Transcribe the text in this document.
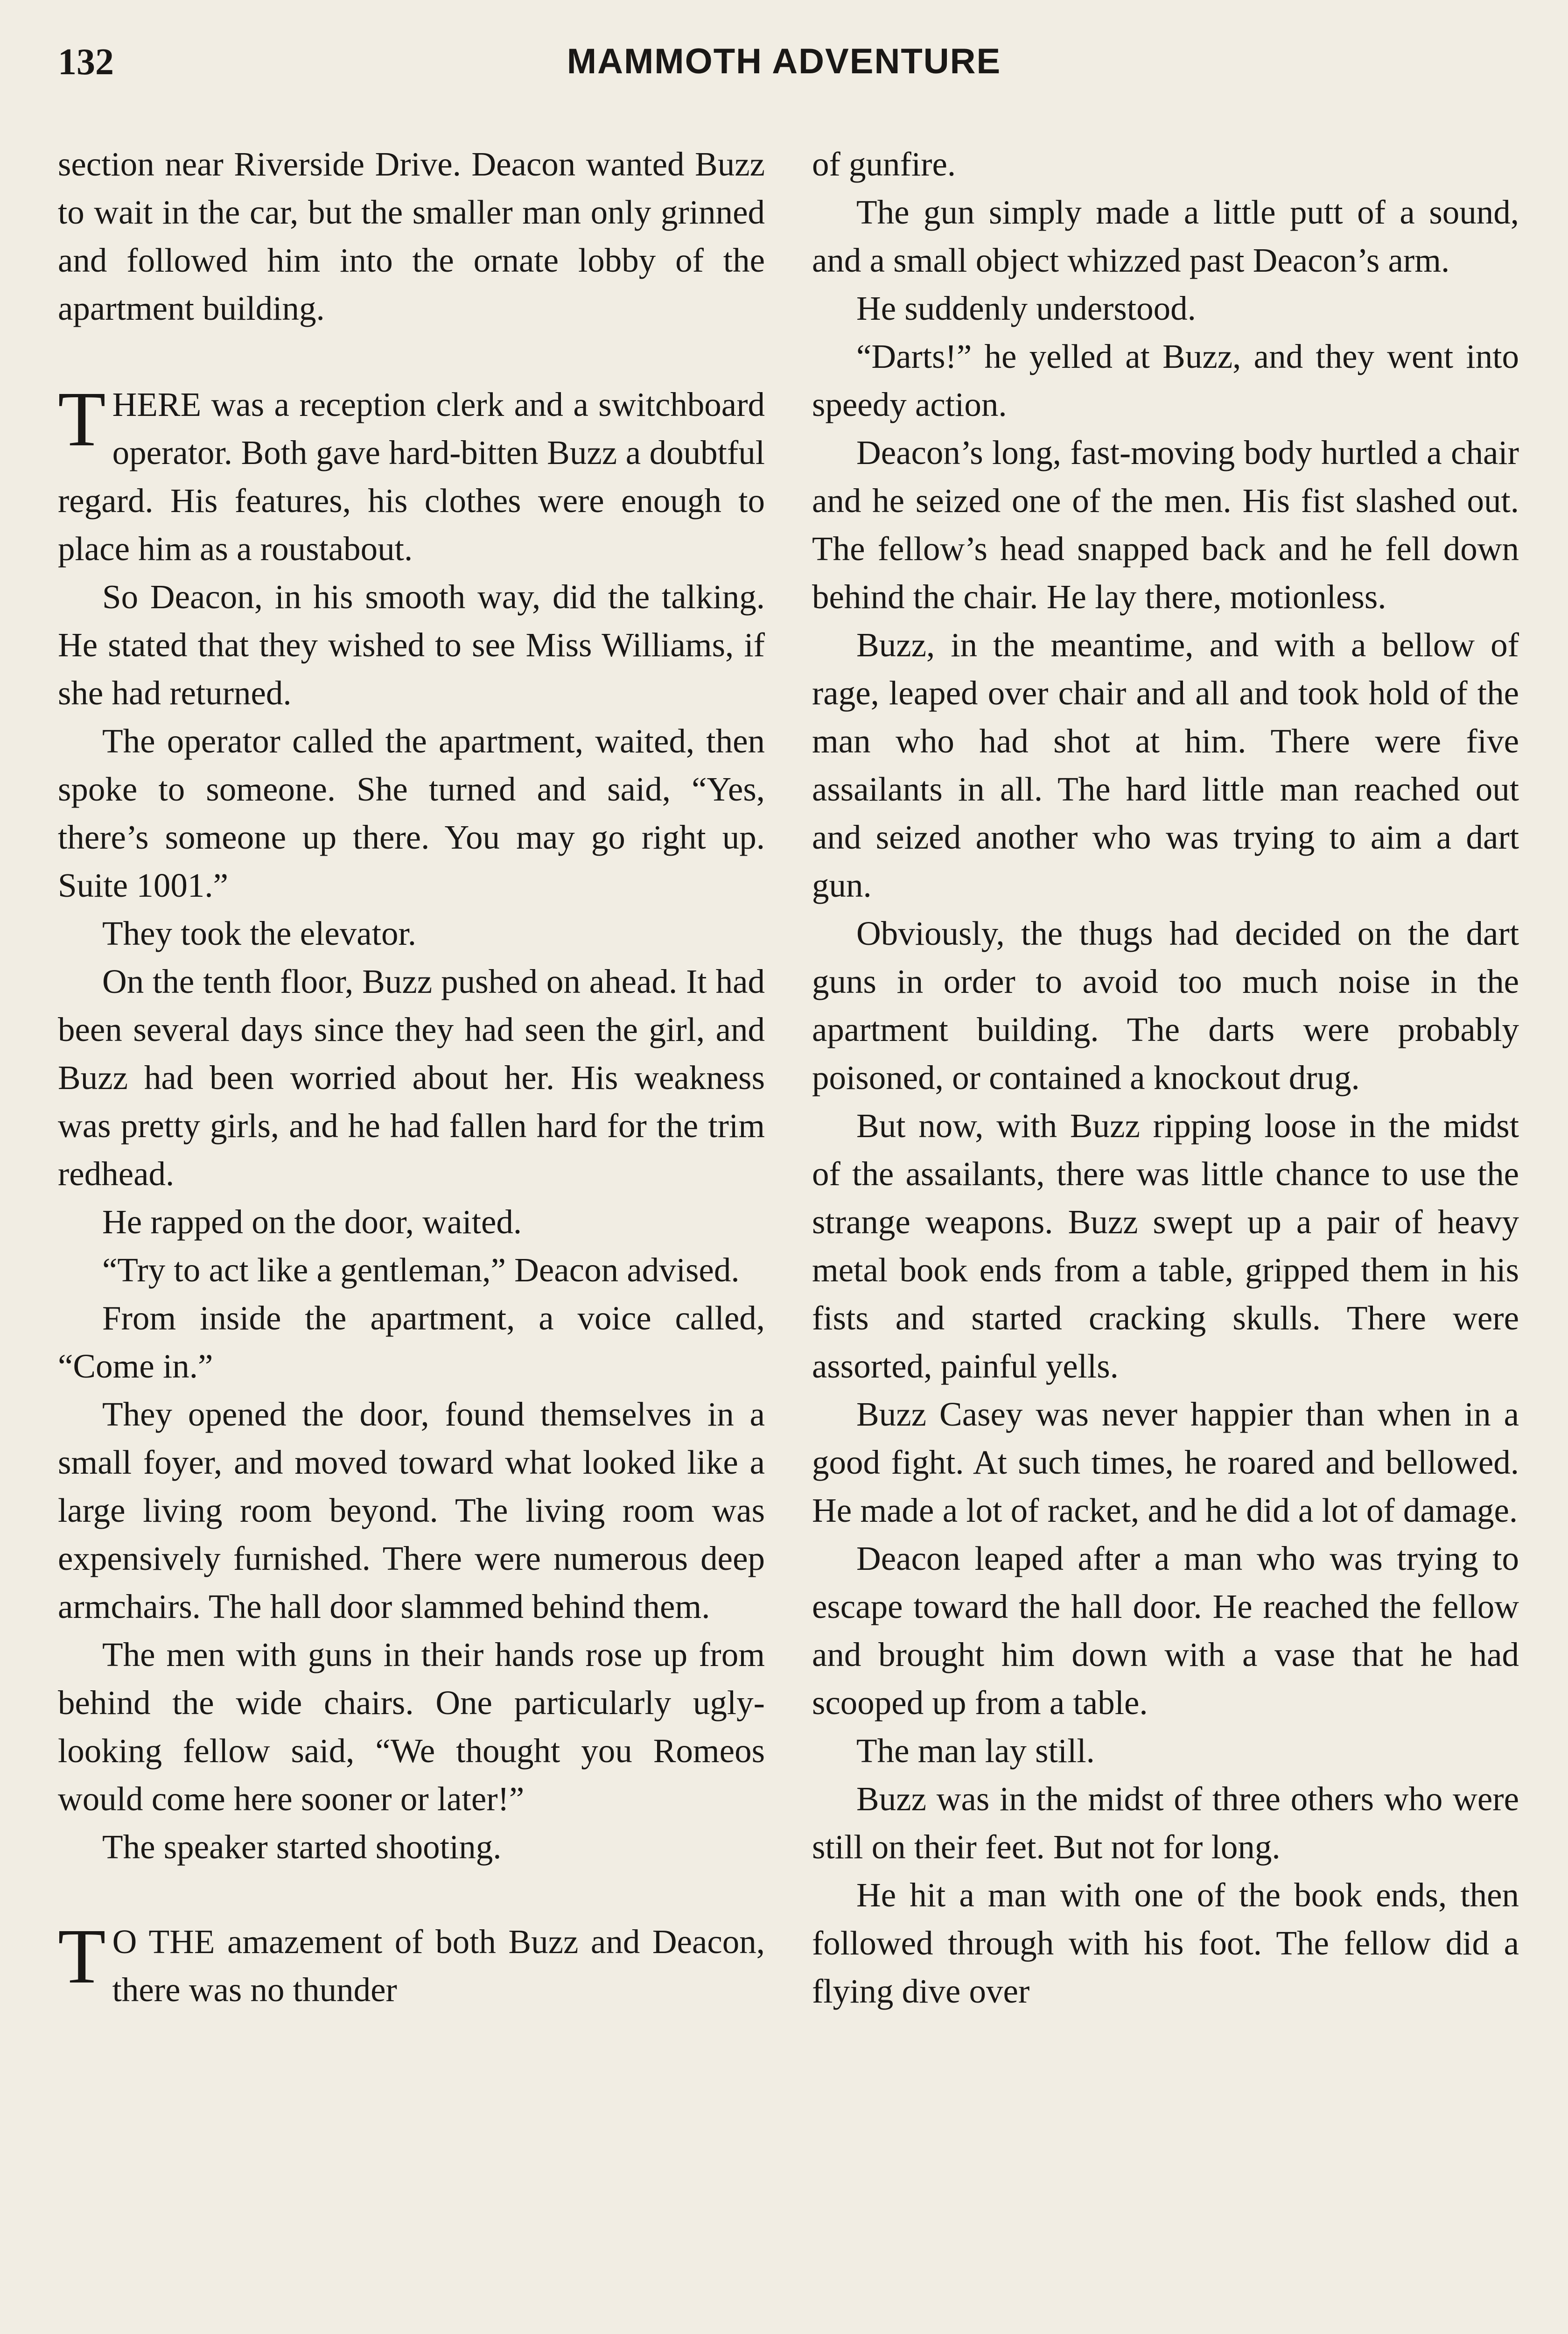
132	MAMMOTH ADVENTURE

section near Riverside Drive. Deacon wanted Buzz to wait in the car, but the smaller man only grinned and followed him into the ornate lobby of the apartment building.

THERE was a reception clerk and a switchboard operator. Both gave hard-bitten Buzz a doubtful regard. His features, his clothes were enough to place him as a roustabout.

So Deacon, in his smooth way, did the talking. He stated that they wished to see Miss Williams, if she had returned.

The operator called the apartment, waited, then spoke to someone. She turned and said, “Yes, there’s someone up there. You may go right up. Suite 1001.”

They took the elevator.

On the tenth floor, Buzz pushed on ahead. It had been several days since they had seen the girl, and Buzz had been worried about her. His weakness was pretty girls, and he had fallen hard for the trim redhead.

He rapped on the door, waited.

“Try to act like a gentleman,” Deacon advised.

From inside the apartment, a voice called, “Come in.”

They opened the door, found themselves in a small foyer, and moved toward what looked like a large living room beyond. The living room was expensively furnished. There were numerous deep armchairs. The hall door slammed behind them.

The men with guns in their hands rose up from behind the wide chairs. One particularly ugly-looking fellow said, “We thought you Romeos would come here sooner or later!”

The speaker started shooting.

T O THE amazement of both Buzz and Deacon, there was no thunder

of gunfire.

The gun simply made a little putt of a sound, and a small object whizzed past Deacon’s arm.

He suddenly understood.

“Darts!” he yelled at Buzz, and they went into speedy action.

Deacon’s long, fast-moving body hurtled a chair and he seized one of the men. His fist slashed out. The fellow’s head snapped back and he fell down behind the chair. He lay there, motionless.

Buzz, in the meantime, and with a bellow of rage, leaped over chair and all and took hold of the man who had shot at him. There were five assailants in all. The hard little man reached out and seized another who was trying to aim a dart gun.

Obviously, the thugs had decided on the dart guns in order to avoid too much noise in the apartment building. The darts were probably poisoned, or contained a knockout drug.

But now, with Buzz ripping loose in the midst of the assailants, there was little chance to use the strange weapons. Buzz swept up a pair of heavy metal book ends from a table, gripped them in his fists and started cracking skulls. There were assorted, painful yells.

Buzz Casey was never happier than when in a good fight. At such times, he roared and bellowed. He made a lot of racket, and he did a lot of damage.

Deacon leaped after a man who was trying to escape toward the hall door. He reached the fellow and brought him down with a vase that he had scooped up from a table.

The man lay still.

Buzz was in the midst of three others who were still on their feet. But not for long.

He hit a man with one of the book ends, then followed through with his foot. The fellow did a flying dive over
